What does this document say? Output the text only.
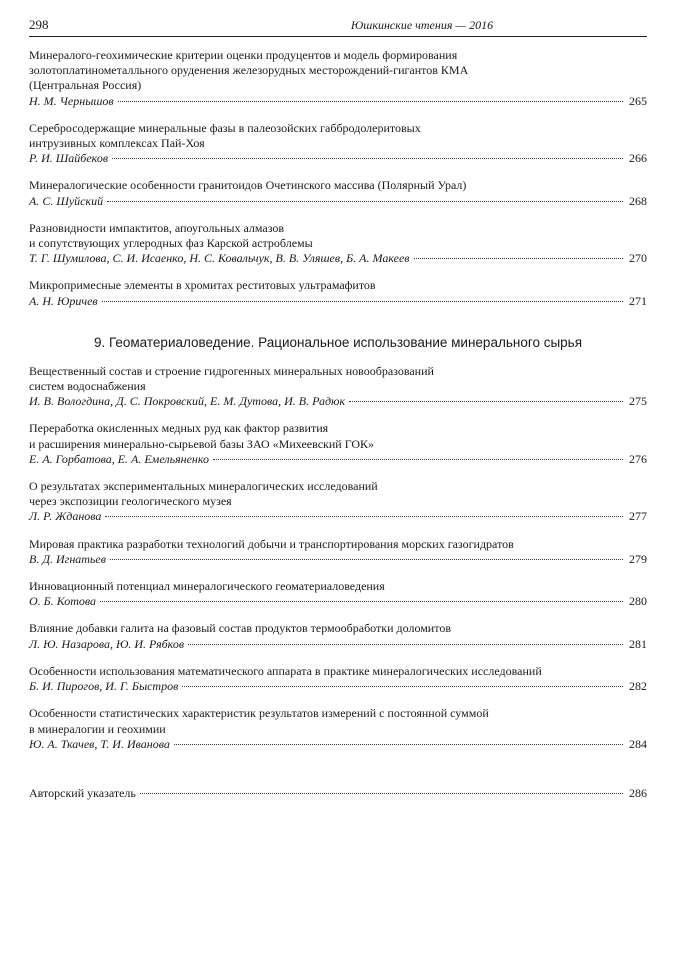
298	Юшкинские чтения — 2016
Минералого-геохимические критерии оценки продуцентов и модель формирования
золотоплатинометалльного оруденения железорудных месторождений-гигантов КМА
(Центральная Россия)
Н. М. Чернышов	265
Серебросодержащие минеральные фазы в палеозойских габбродолеритовых
интрузивных комплексах Пай-Хоя
Р. И. Шайбеков	266
Минералогические особенности гранитоидов Очетинского массива (Полярный Урал)
А. С. Шуйский	268
Разновидности импактитов, апоугольных алмазов
и сопутствующих углеродных фаз Карской астроблемы
Т. Г. Шумилова, С. И. Исаенко, Н. С. Ковальчук, В. В. Уляшев, Б. А. Макеев	270
Микропримесные элементы в хромитах реститовых ультрамафитов
А. Н. Юричев	271
9. Геоматериаловедение. Рациональное использование минерального сырья
Вещественный состав и строение гидрогенных минеральных новообразований
систем водоснабжения
И. В. Вологдина, Д. С. Покровский, Е. М. Дутова, И. В. Радюк	275
Переработка окисленных медных руд как фактор развития
и расширения минерально-сырьевой базы ЗАО «Михеевский ГОК»
Е. А. Горбатова, Е. А. Емельяненко	276
О результатах экспериментальных минералогических исследований
через экспозиции геологического музея
Л. Р. Жданова	277
Мировая практика разработки технологий добычи и транспортирования морских газогидратов
В. Д. Игнатьев	279
Инновационный потенциал минералогического геоматериаловедения
О. Б. Котова	280
Влияние добавки галита на фазовый состав продуктов термообработки доломитов
Л. Ю. Назарова, Ю. И. Рябков	281
Особенности использования математического аппарата в практике минералогических исследований
Б. И. Пирогов, И. Г. Быстров	282
Особенности статистических характеристик результатов измерений с постоянной суммой
в минералогии и геохимии
Ю. А. Ткачев, Т. И. Иванова	284
Авторский указатель	286
